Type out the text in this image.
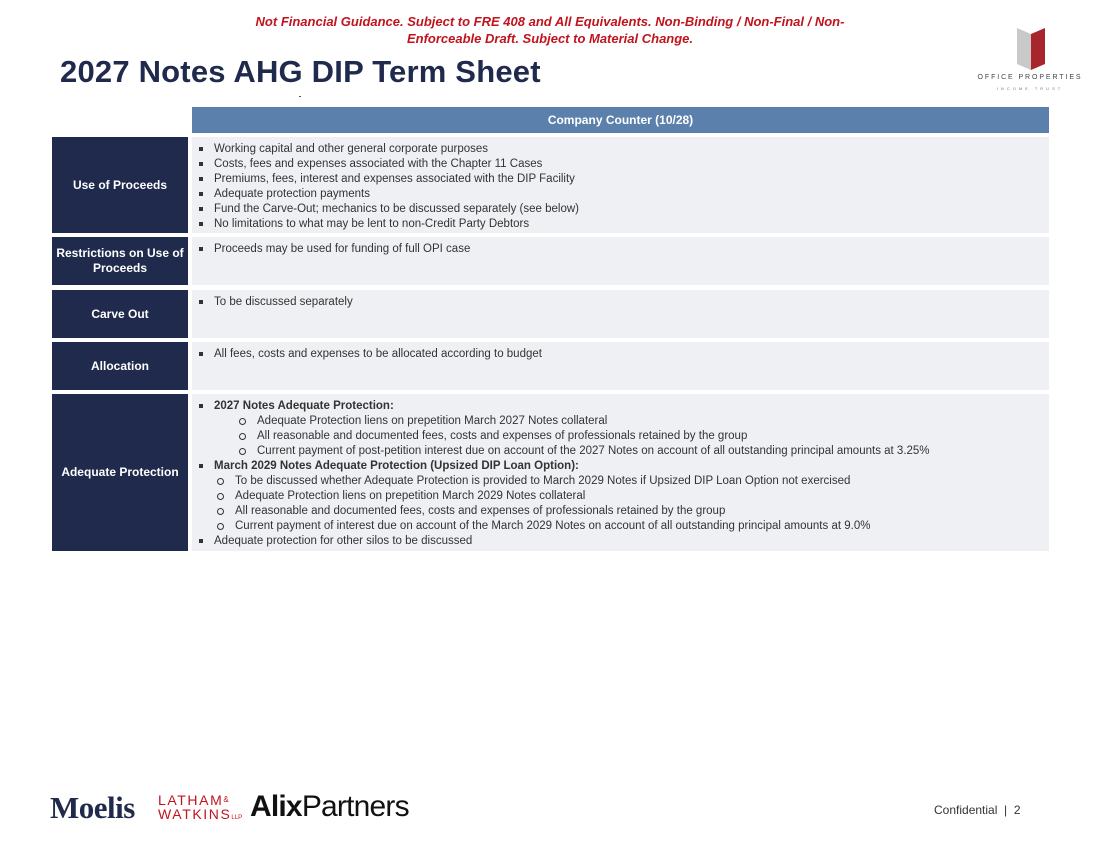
Not Financial Guidance. Subject to FRE 408 and All Equivalents. Non-Binding / Non-Final / Non-
Enforceable Draft. Subject to Material Change.
2027 Notes AHG DIP Term Sheet	OFFICE PROPERTIES
INCOME TRUST
Company Counter (10/28)
Use of Proceeds
Working capital and other general corporate purposes
Costs, fees and expenses associated with the Chapter 11 Cases
Premiums, fees, interest and expenses associated with the DIP Facility
Adequate protection payments
Fund the Carve-Out; mechanics to be discussed separately (see below)
No limitations to what may be lent to non-Credit Party Debtors
Restrictions on Use of Proceeds
Proceeds may be used for funding of full OPI case
Carve Out
To be discussed separately
Allocation
All fees, costs and expenses to be allocated according to budget
Adequate Protection
2027 Notes Adequate Protection:
Adequate Protection liens on prepetition March 2027 Notes collateral
All reasonable and documented fees, costs and expenses of professionals retained by the group
Current payment of post-petition interest due on account of the 2027 Notes on account of all outstanding principal amounts at 3.25%
March 2029 Notes Adequate Protection (Upsized DIP Loan Option):
To be discussed whether Adequate Protection is provided to March 2029 Notes if Upsized DIP Loan Option not exercised
Adequate Protection liens on prepetition March 2029 Notes collateral
All reasonable and documented fees, costs and expenses of professionals retained by the group
Current payment of interest due on account of the March 2029 Notes on account of all outstanding principal amounts at 9.0%
Adequate protection for other silos to be discussed
Moelis LATHAM&
WATKINSLLP AlixPartners	Confidential  |  2
